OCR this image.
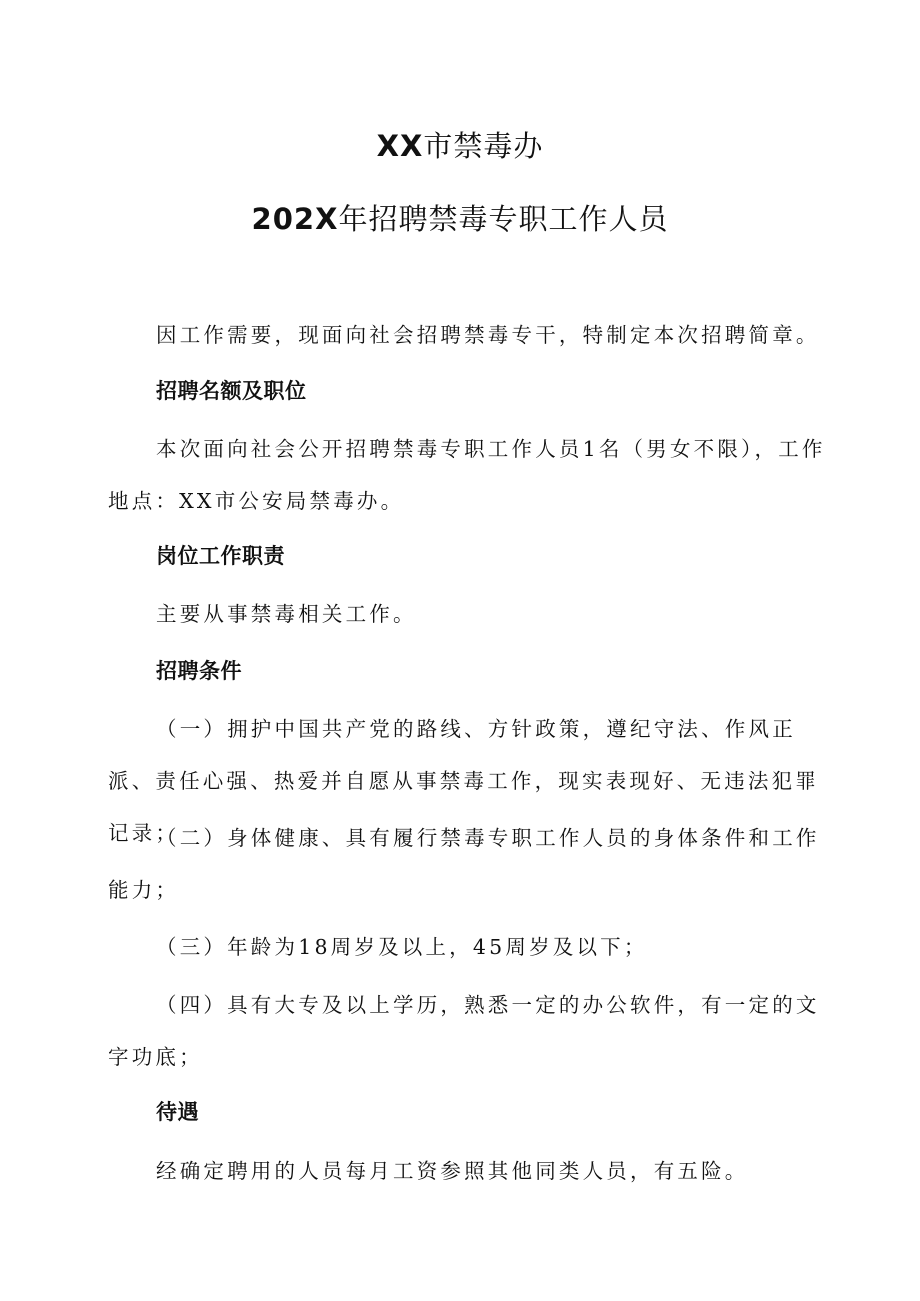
XX市禁毒办
202X年招聘禁毒专职工作人员

因工作需要，现面向社会招聘禁毒专干，特制定本次招聘简章。

招聘名额及职位

本次面向社会公开招聘禁毒专职工作人员1名（男女不限），工作地点：XX市公安局禁毒办。

岗位工作职责

主要从事禁毒相关工作。

招聘条件

（一）拥护中国共产党的路线、方针政策，遵纪守法、作风正派、责任心强、热爱并自愿从事禁毒工作，现实表现好、无违法犯罪记录；

（二）身体健康、具有履行禁毒专职工作人员的身体条件和工作能力；

（三）年龄为18周岁及以上，45周岁及以下；

（四）具有大专及以上学历，熟悉一定的办公软件，有一定的文字功底；

待遇

经确定聘用的人员每月工资参照其他同类人员，有五险。
